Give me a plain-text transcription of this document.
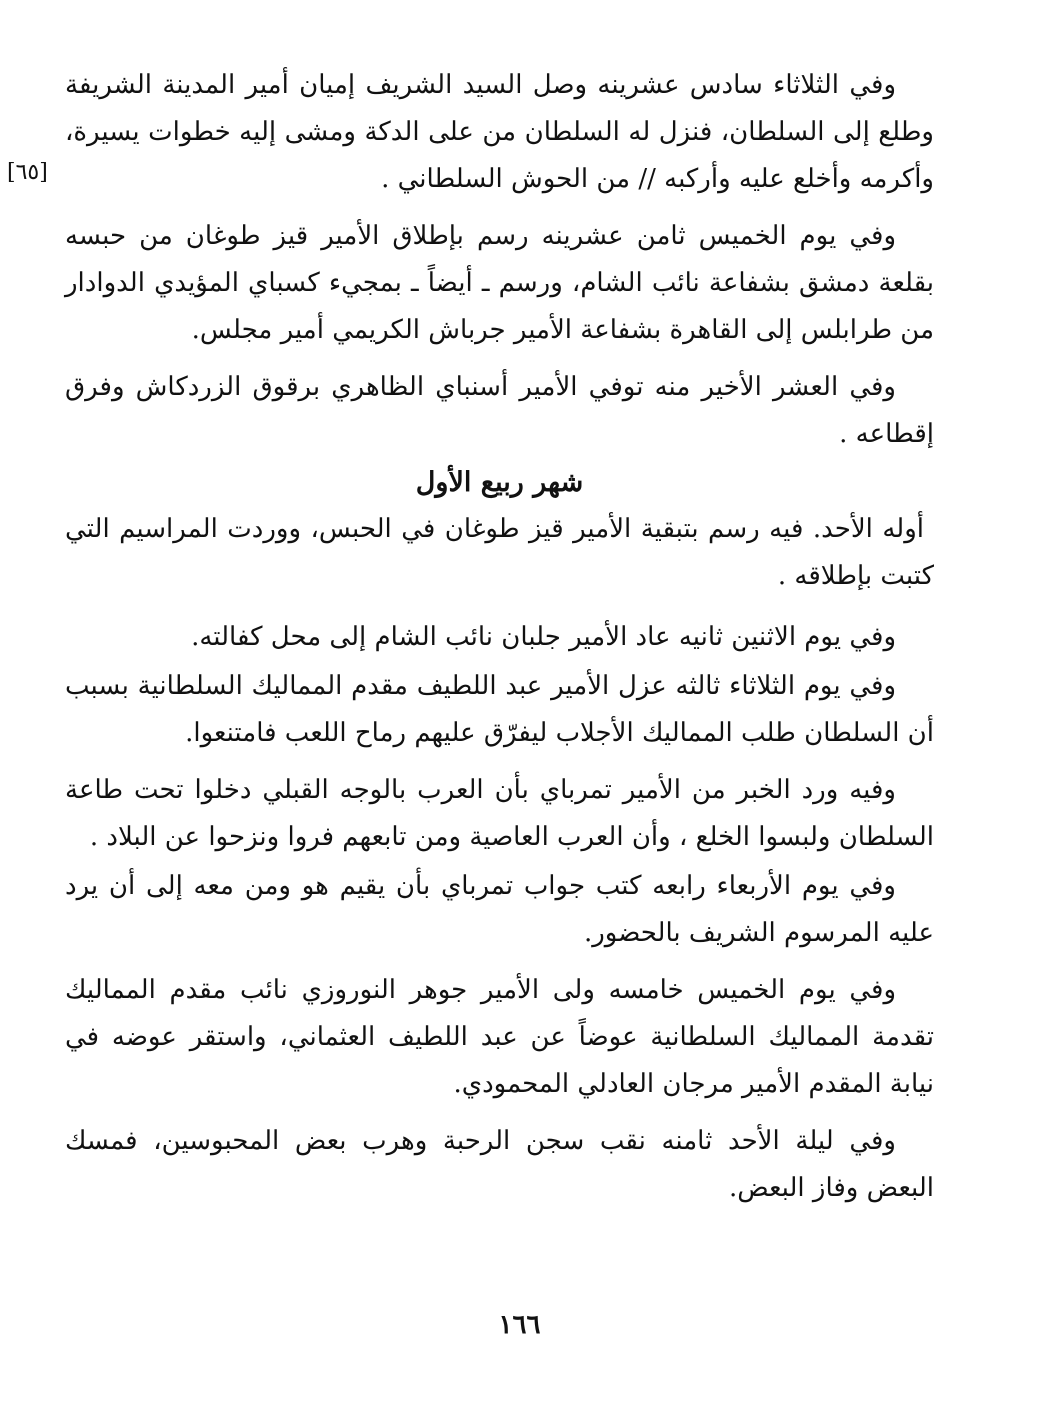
[٦٥]

وفي الثلاثاء سادس عشرينه وصل السيد الشريف إميان أمير المدينة الشريفة وطلع إلى السلطان، فنزل له السلطان من على الدكة ومشى إليه خطوات يسيرة، وأكرمه وأخلع عليه وأركبه // من الحوش السلطاني .

وفي يوم الخميس ثامن عشرينه رسم بإطلاق الأمير قيز طوغان من حبسه بقلعة دمشق بشفاعة نائب الشام، ورسم ـ أيضاً ـ بمجيء كسباي المؤيدي الدوادار من طرابلس إلى القاهرة بشفاعة الأمير جرباش الكريمي أمير مجلس.

وفي العشر الأخير منه توفي الأمير أسنباي الظاهري برقوق الزردكاش وفرق إقطاعه .

شهر ربيع الأول

أوله الأحد. فيه رسم بتبقية الأمير قيز طوغان في الحبس، ووردت المراسيم التي كتبت بإطلاقه .

وفي يوم الاثنين ثانيه عاد الأمير جلبان نائب الشام إلى محل كفالته.

وفي يوم الثلاثاء ثالثه عزل الأمير عبد اللطيف مقدم المماليك السلطانية بسبب أن السلطان طلب المماليك الأجلاب ليفرّق عليهم رماح اللعب فامتنعوا.

وفيه ورد الخبر من الأمير تمرباي بأن العرب بالوجه القبلي دخلوا تحت طاعة السلطان ولبسوا الخلع ، وأن العرب العاصية ومن تابعهم فروا ونزحوا عن البلاد .

وفي يوم الأربعاء رابعه كتب جواب تمرباي بأن يقيم هو ومن معه إلى أن يرد عليه المرسوم الشريف بالحضور.

وفي يوم الخميس خامسه ولى الأمير جوهر النوروزي نائب مقدم المماليك تقدمة المماليك السلطانية عوضاً عن عبد اللطيف العثماني، واستقر عوضه في نيابة المقدم الأمير مرجان العادلي المحمودي.

وفي ليلة الأحد ثامنه نقب سجن الرحبة وهرب بعض المحبوسين، فمسك البعض وفاز البعض.

١٦٦
